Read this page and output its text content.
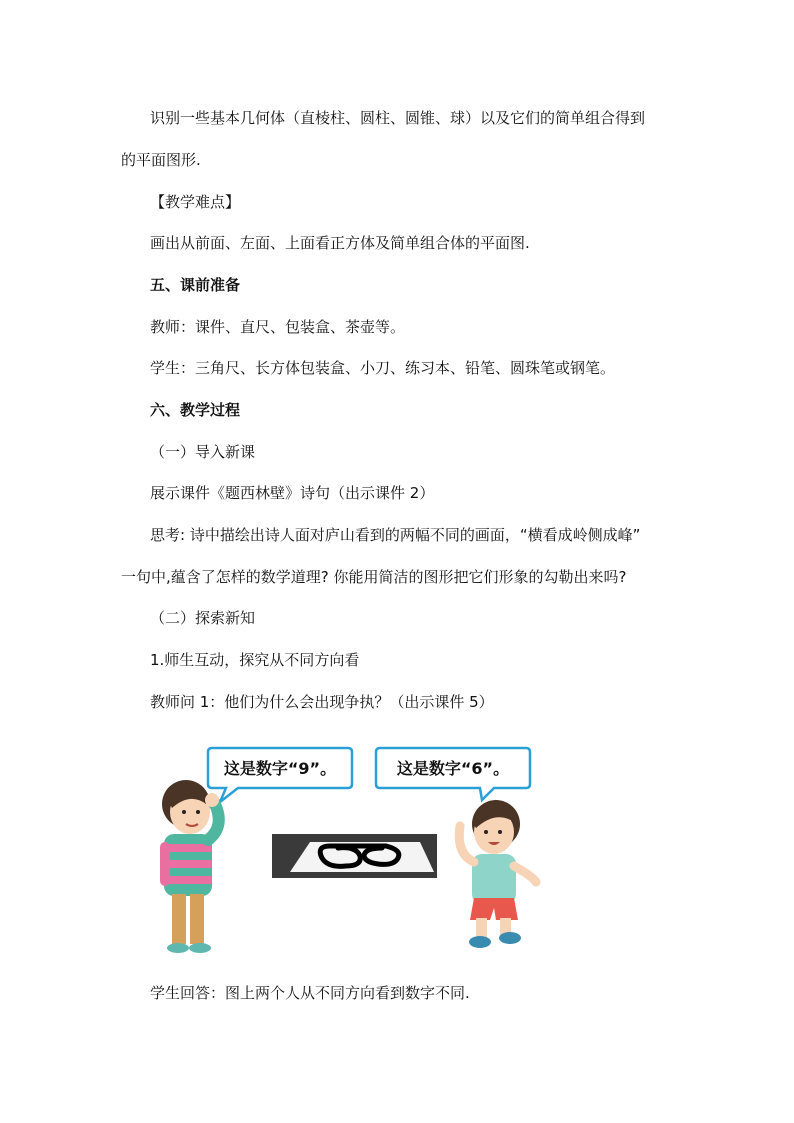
识别一些基本几何体（直棱柱、圆柱、圆锥、球）以及它们的简单组合得到
的平面图形.
【教学难点】
画出从前面、左面、上面看正方体及简单组合体的平面图.
五、课前准备
教师：课件、直尺、包装盒、茶壶等。
学生：三角尺、长方体包装盒、小刀、练习本、铅笔、圆珠笔或钢笔。
六、教学过程
（一）导入新课
展示课件《题西林壁》诗句（出示课件 2）
思考: 诗中描绘出诗人面对庐山看到的两幅不同的画面，“横看成岭侧成峰”
一句中,蕴含了怎样的数学道理? 你能用简洁的图形把它们形象的勾勒出来吗?
（二）探索新知
1.师生互动，探究从不同方向看
教师问 1：他们为什么会出现争执？（出示课件 5）
这是数字“9”。	这是数字“6”。
学生回答：图上两个人从不同方向看到数字不同.
